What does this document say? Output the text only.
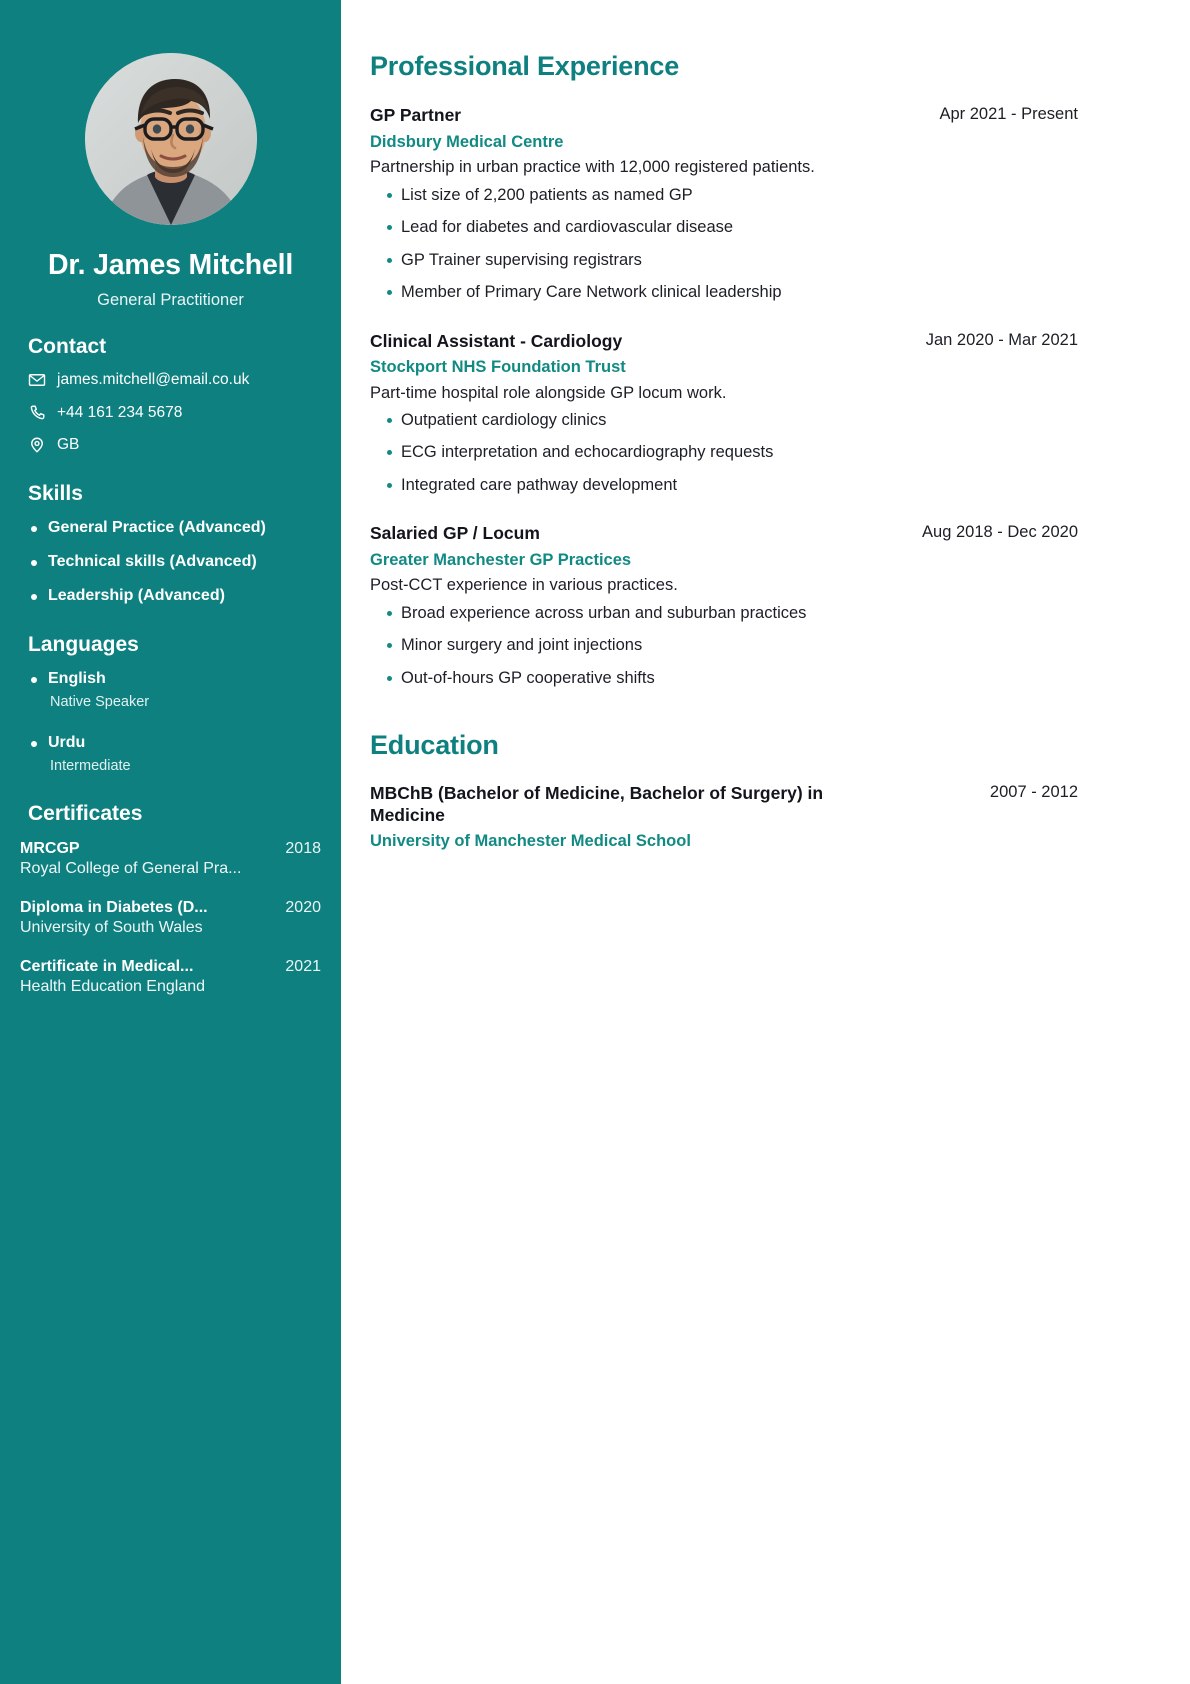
Dr. James Mitchell
General Practitioner
Contact
james.mitchell@email.co.uk
+44 161 234 5678
GB
Skills
General Practice (Advanced)
Technical skills (Advanced)
Leadership (Advanced)
Languages
English
Native Speaker
Urdu
Intermediate
Certificates
MRCGP	2018
Royal College of General Pra...
Diploma in Diabetes (D...	2020
University of South Wales
Certificate in Medical...	2021
Health Education England
Professional Experience
GP Partner	Apr 2021 - Present
Didsbury Medical Centre
Partnership in urban practice with 12,000 registered patients.
List size of 2,200 patients as named GP
Lead for diabetes and cardiovascular disease
GP Trainer supervising registrars
Member of Primary Care Network clinical leadership
Clinical Assistant - Cardiology	Jan 2020 - Mar 2021
Stockport NHS Foundation Trust
Part-time hospital role alongside GP locum work.
Outpatient cardiology clinics
ECG interpretation and echocardiography requests
Integrated care pathway development
Salaried GP / Locum	Aug 2018 - Dec 2020
Greater Manchester GP Practices
Post-CCT experience in various practices.
Broad experience across urban and suburban practices
Minor surgery and joint injections
Out-of-hours GP cooperative shifts
Education
MBChB (Bachelor of Medicine, Bachelor of Surgery) in Medicine
2007 - 2012
University of Manchester Medical School
